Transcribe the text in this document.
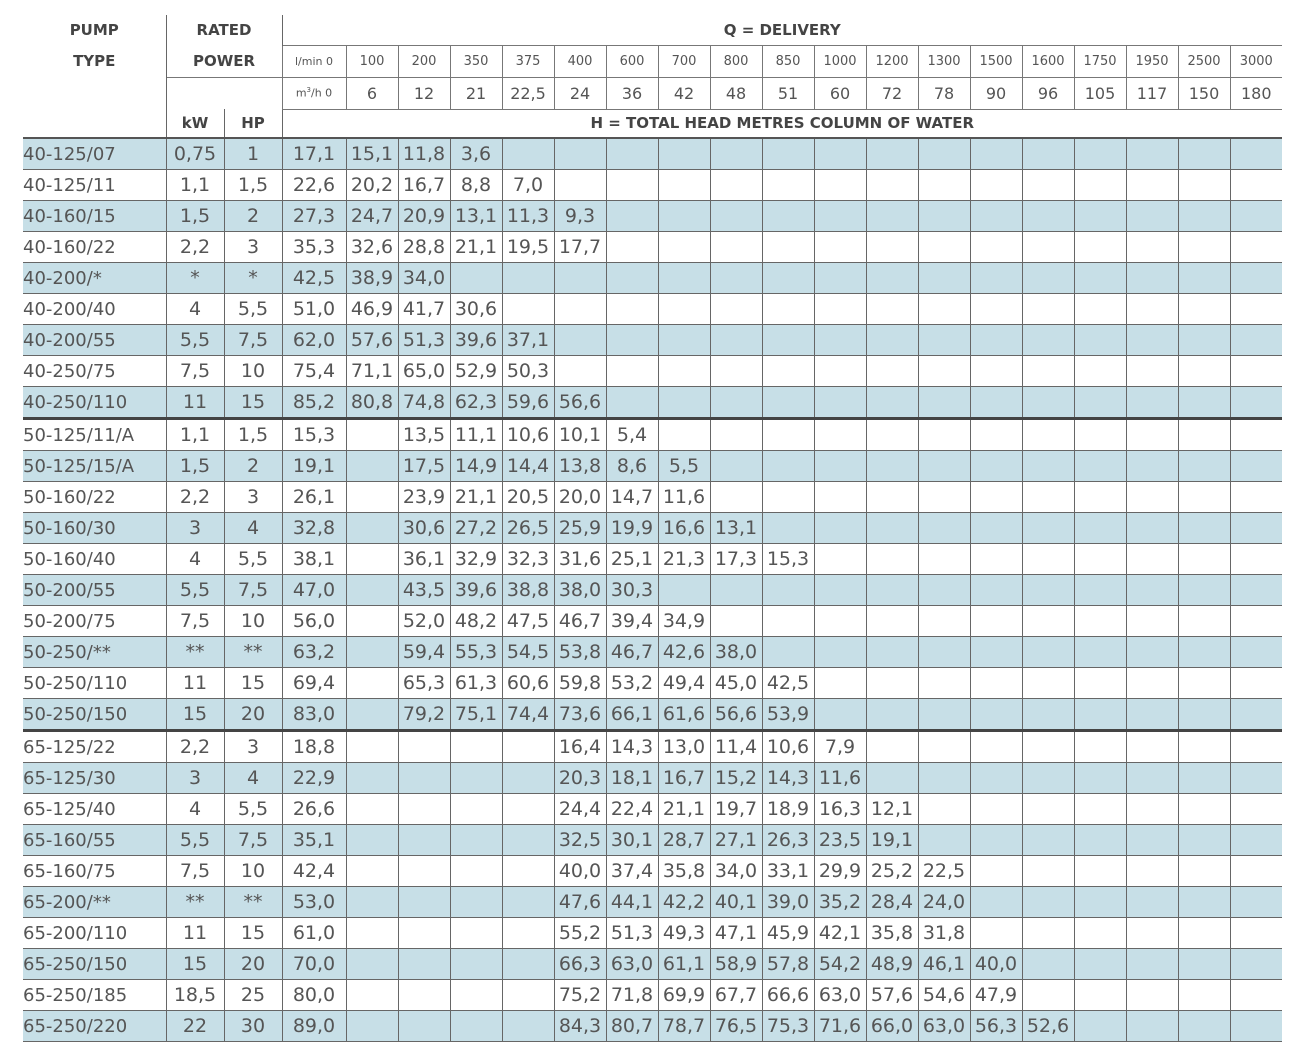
PUMP	RATED		Q = DELIVERY																		
TYPE	POWER		l/min 0	100	200	350	375	400	600	700	800	850	1000	1200	1300	1500	1600	1750	1950	2500	3000
			$m^3/h$ 0	6	12	21	22,5	24	36	42	48	51	60	72	78	90	96	105	117	150	180
	kW	HP	H = TOTAL HEAD METRES COLUMN OF WATER																		
40-125/07	0,75	1	17,1	15,1	11,8	3,6															
40-125/11	1,1	1,5	22,6	20,2	16,7	8,8	7,0														
40-160/15	1,5	2	27,3	24,7	20,9	13,1	11,3	9,3													
40-160/22	2,2	3	35,3	32,6	28,8	21,1	19,5	17,7													
40-200/*	*	*	42,5	38,9	34,0																
40-200/40	4	5,5	51,0	46,9	41,7	30,6															
40-200/55	5,5	7,5	62,0	57,6	51,3	39,6	37,1														
40-250/75	7,5	10	75,4	71,1	65,0	52,9	50,3														
40-250/110	11	15	85,2	80,8	74,8	62,3	59,6	56,6													
50-125/11/A	1,1	1,5	15,3		13,5	11,1	10,6	10,1	5,4												
50-125/15/A	1,5	2	19,1		17,5	14,9	14,4	13,8	8,6	5,5											
50-160/22	2,2	3	26,1		23,9	21,1	20,5	20,0	14,7	11,6											
50-160/30	3	4	32,8		30,6	27,2	26,5	25,9	19,9	16,6	13,1										
50-160/40	4	5,5	38,1		36,1	32,9	32,3	31,6	25,1	21,3	17,3	15,3									
50-200/55	5,5	7,5	47,0		43,5	39,6	38,8	38,0	30,3												
50-200/75	7,5	10	56,0		52,0	48,2	47,5	46,7	39,4	34,9											
50-250/**	**	**	63,2		59,4	55,3	54,5	53,8	46,7	42,6	38,0										
50-250/110	11	15	69,4		65,3	61,3	60,6	59,8	53,2	49,4	45,0	42,5									
50-250/150	15	20	83,0		79,2	75,1	74,4	73,6	66,1	61,6	56,6	53,9									
65-125/22	2,2	3	18,8					16,4	14,3	13,0	11,4	10,6	7,9								
65-125/30	3	4	22,9					20,3	18,1	16,7	15,2	14,3	11,6								
65-125/40	4	5,5	26,6					24,4	22,4	21,1	19,7	18,9	16,3	12,1							
65-160/55	5,5	7,5	35,1					32,5	30,1	28,7	27,1	26,3	23,5	19,1							
65-160/75	7,5	10	42,4					40,0	37,4	35,8	34,0	33,1	29,9	25,2	22,5						
65-200/**	**	**	53,0					47,6	44,1	42,2	40,1	39,0	35,2	28,4	24,0						
65-200/110	11	15	61,0					55,2	51,3	49,3	47,1	45,9	42,1	35,8	31,8						
65-250/150	15	20	70,0					66,3	63,0	61,1	58,9	57,8	54,2	48,9	46,1	40,0					
65-250/185	18,5	25	80,0					75,2	71,8	69,9	67,7	66,6	63,0	57,6	54,6	47,9					
65-250/220	22	30	89,0					84,3	80,7	78,7	76,5	75,3	71,6	66,0	63,0	56,3	52,6				
